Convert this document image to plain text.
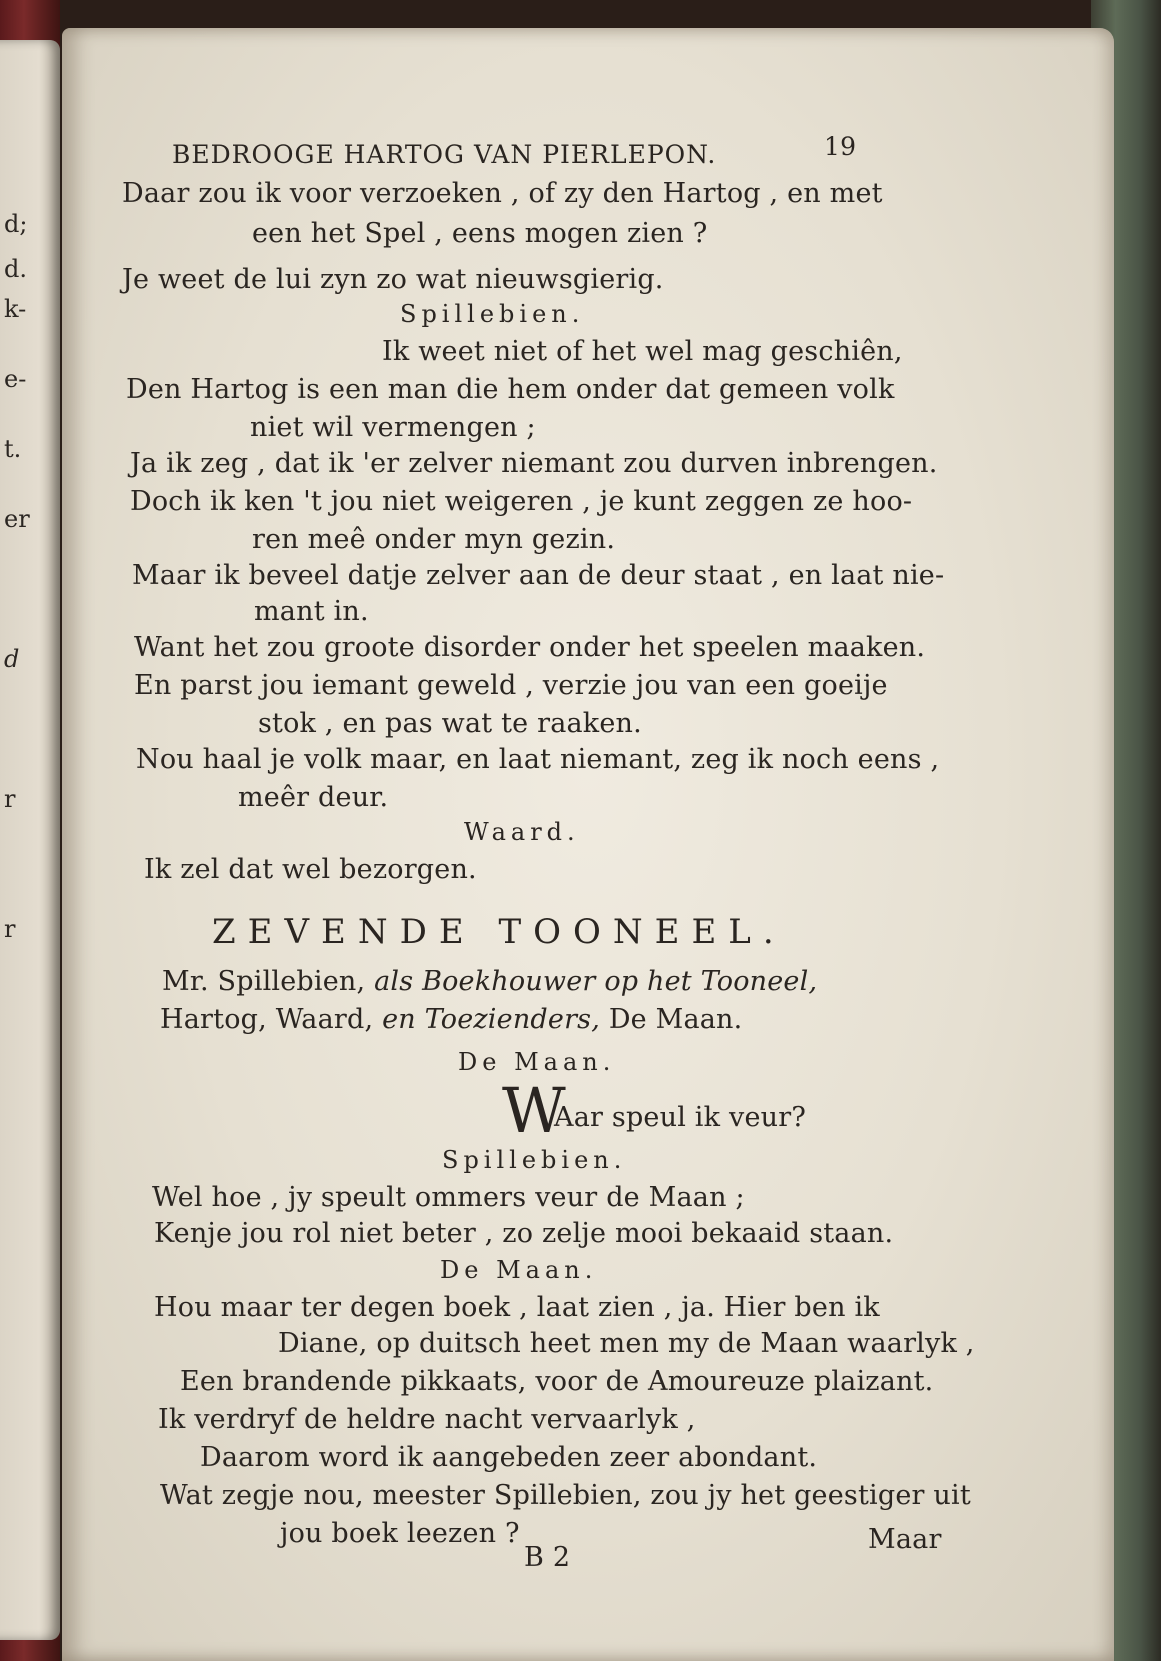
d;
d.
k-
e-
t.
er
d
r
r
BEDROOGE HARTOG VAN PIERLEPON.	19
Daar zou ik voor verzoeken , of zy den Hartog , en met
een het Spel , eens mogen zien ?
Je weet de lui zyn zo wat nieuwsgierig.
Spillebien.
Ik weet niet of het wel mag geschiên,
Den Hartog is een man die hem onder dat gemeen volk
niet wil vermengen ;
Ja ik zeg , dat ik 'er zelver niemant zou durven inbrengen.
Doch ik ken 't jou niet weigeren , je kunt zeggen ze hoo-
ren meê onder myn gezin.
Maar ik beveel datje zelver aan de deur staat , en laat nie-
mant in.
Want het zou groote disorder onder het speelen maaken.
En parst jou iemant geweld , verzie jou van een goeije
stok , en pas wat te raaken.
Nou haal je volk maar, en laat niemant, zeg ik noch eens ,
meêr deur.
Waard.
Ik zel dat wel bezorgen.
ZEVENDE TOONEEL.
Mr. Spillebien, als Boekhouwer op het Tooneel,
Hartog, Waard, en Toezienders, De Maan.
De Maan.
W
Aar speul ik veur?
Spillebien.
Wel hoe , jy speult ommers veur de Maan ;
Kenje jou rol niet beter , zo zelje mooi bekaaid staan.
De Maan.
Hou maar ter degen boek , laat zien , ja. Hier ben ik
Diane, op duitsch heet men my de Maan waarlyk ,
Een brandende pikkaats, voor de Amoureuze plaizant.
Ik verdryf de heldre nacht vervaarlyk ,
Daarom word ik aangebeden zeer abondant.
Wat zegje nou, meester Spillebien, zou jy het geestiger uit
jou boek leezen ?
B 2
Maar
